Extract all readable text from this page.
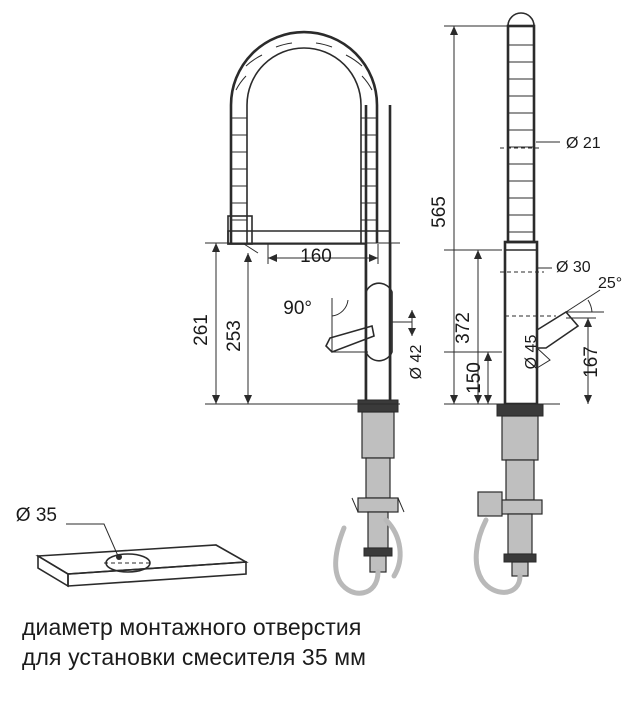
160
261 253
90°
Ø 42
Ø 21
565
372
Ø 30
Ø 45
25°
150
167
Ø 35
диаметр монтажного отверстия
для установки смесителя 35 мм
